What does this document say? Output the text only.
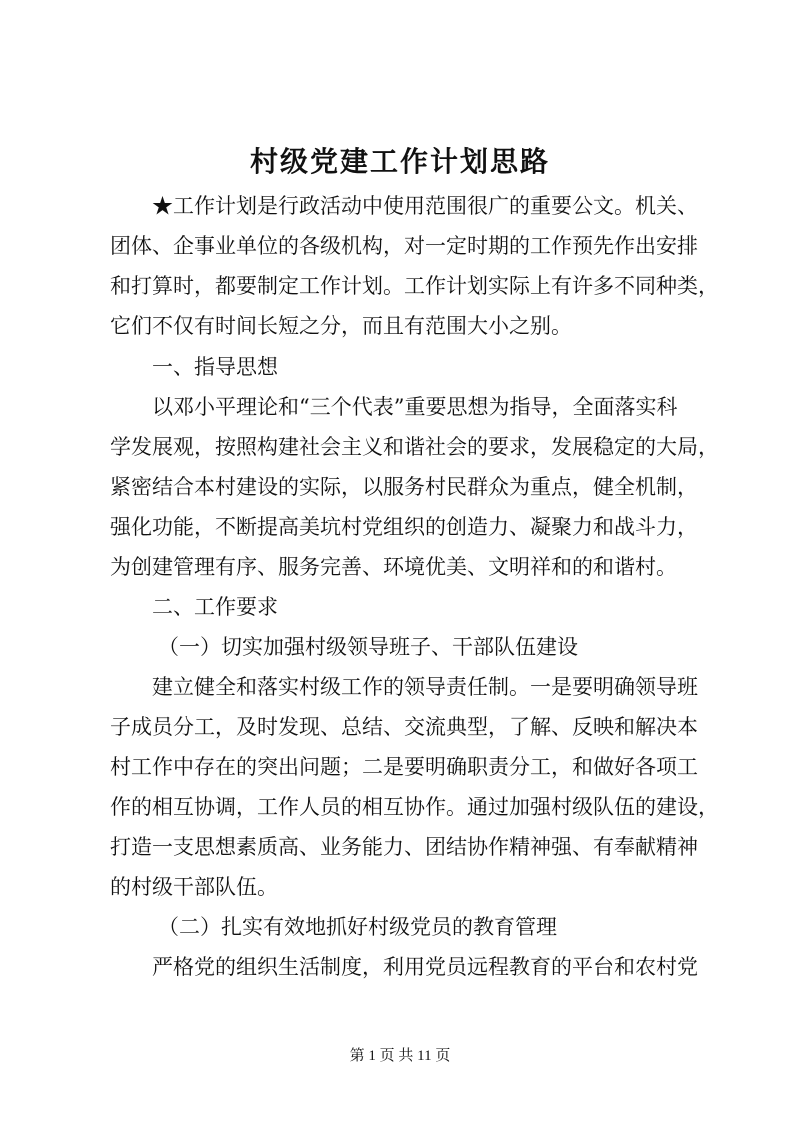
村级党建工作计划思路

★工作计划是行政活动中使用范围很广的重要公文。机关、

团体、企事业单位的各级机构，对一定时期的工作预先作出安排

和打算时，都要制定工作计划。工作计划实际上有许多不同种类，

它们不仅有时间长短之分，而且有范围大小之别。

一、指导思想

以邓小平理论和“三个代表”重要思想为指导，全面落实科

学发展观，按照构建社会主义和谐社会的要求，发展稳定的大局，

紧密结合本村建设的实际，以服务村民群众为重点，健全机制，

强化功能，不断提高美坑村党组织的创造力、凝聚力和战斗力，

为创建管理有序、服务完善、环境优美、文明祥和的和谐村。

二、工作要求

（一）切实加强村级领导班子、干部队伍建设

建立健全和落实村级工作的领导责任制。一是要明确领导班

子成员分工，及时发现、总结、交流典型，了解、反映和解决本

村工作中存在的突出问题；二是要明确职责分工，和做好各项工

作的相互协调，工作人员的相互协作。通过加强村级队伍的建设，

打造一支思想素质高、业务能力、团结协作精神强、有奉献精神

的村级干部队伍。

（二）扎实有效地抓好村级党员的教育管理

严格党的组织生活制度，利用党员远程教育的平台和农村党

第 1 页 共 11 页
